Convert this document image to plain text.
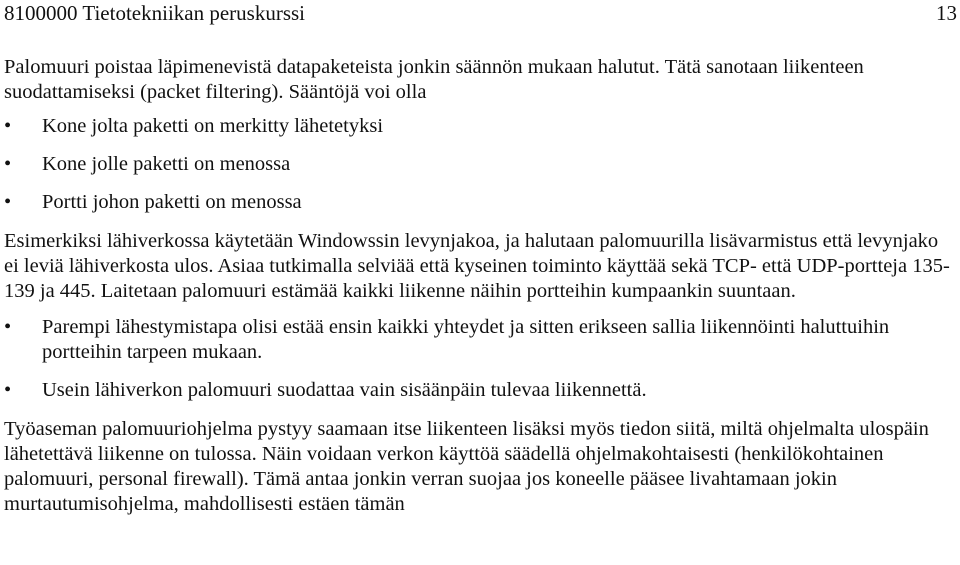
8100000 Tietotekniikan peruskurssi	13

Palomuuri poistaa läpimenevistä datapaketeista jonkin säännön mukaan halutut. Tätä sanotaan liikenteen suodattamiseksi (packet filtering). Sääntöjä voi olla

• Kone jolta paketti on merkitty lähetetyksi
• Kone jolle paketti on menossa
• Portti johon paketti on menossa

Esimerkiksi lähiverkossa käytetään Windowssin levynjakoa, ja halutaan palomuurilla lisävarmistus että levynjako ei leviä lähiverkosta ulos. Asiaa tutkimalla selviää että kyseinen toiminto käyttää sekä TCP- että UDP-portteja 135-139 ja 445. Laitetaan palomuuri estämää kaikki liikenne näihin portteihin kumpaankin suuntaan.

• Parempi lähestymistapa olisi estää ensin kaikki yhteydet ja sitten erikseen sallia liikennöinti haluttuihin portteihin tarpeen mukaan.
• Usein lähiverkon palomuuri suodattaa vain sisäänpäin tulevaa liikennettä.

Työaseman palomuuriohjelma pystyy saamaan itse liikenteen lisäksi myös tiedon siitä, miltä ohjelmalta ulospäin lähetettävä liikenne on tulossa. Näin voidaan verkon käyttöä säädellä ohjelmakohtaisesti (henkilökohtainen palomuuri, personal firewall). Tämä antaa jonkin verran suojaa jos koneelle pääsee livahtamaan jokin murtautumisohjelma, mahdollisesti estäen tämän
